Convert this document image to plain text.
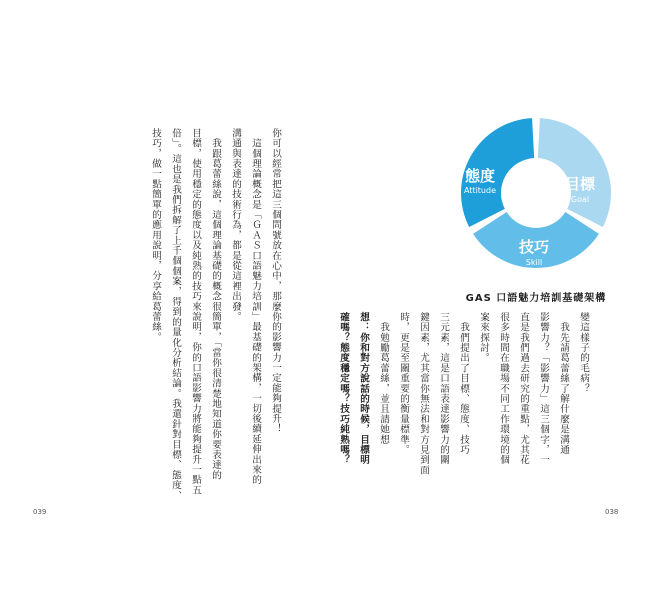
你可以經常把這三個問號放在心中，那麼你的影響力一定能夠提升！
　這個理論概念是「ＧＡＳ口語魅力培訓」最基礎的架構，一切後續延伸出來的
溝通與表達的技術行為，都是從這裡出發。
　我跟葛蕾絲說，這個理論基礎的概念很簡單，「當你很清楚地知道你要表達的
目標，使用穩定的態度以及純熟的技巧來說明，你的口語影響力將能夠提升一點五
倍」。這也是我們拆解了上千個個案，得到的量化分析結論。我還針對目標、態度、
技巧，做一點簡單的應用說明，分享給葛蕾絲。
039
目標
Goal
技巧
Skill
態度
Attitude
GAS 口語魅力培訓基礎架構
變這樣子的毛病？
　我先請葛蕾絲了解什麼是溝通
影響力？「影響力」這三個字，一
直是我們過去研究的重點，尤其花
很多時間在職場不同工作環境的個
案來探討。
　我們提出了目標、態度、技巧
三元素，這是口語表達影響力的關
鍵因素，尤其當你無法和對方見到面
時，更是至關重要的衡量標準。
　我勉勵葛蕾絲，並且請她想
想：你和對方說話的時候，目標明
確嗎？態度穩定嗎？技巧純熟嗎？
038
